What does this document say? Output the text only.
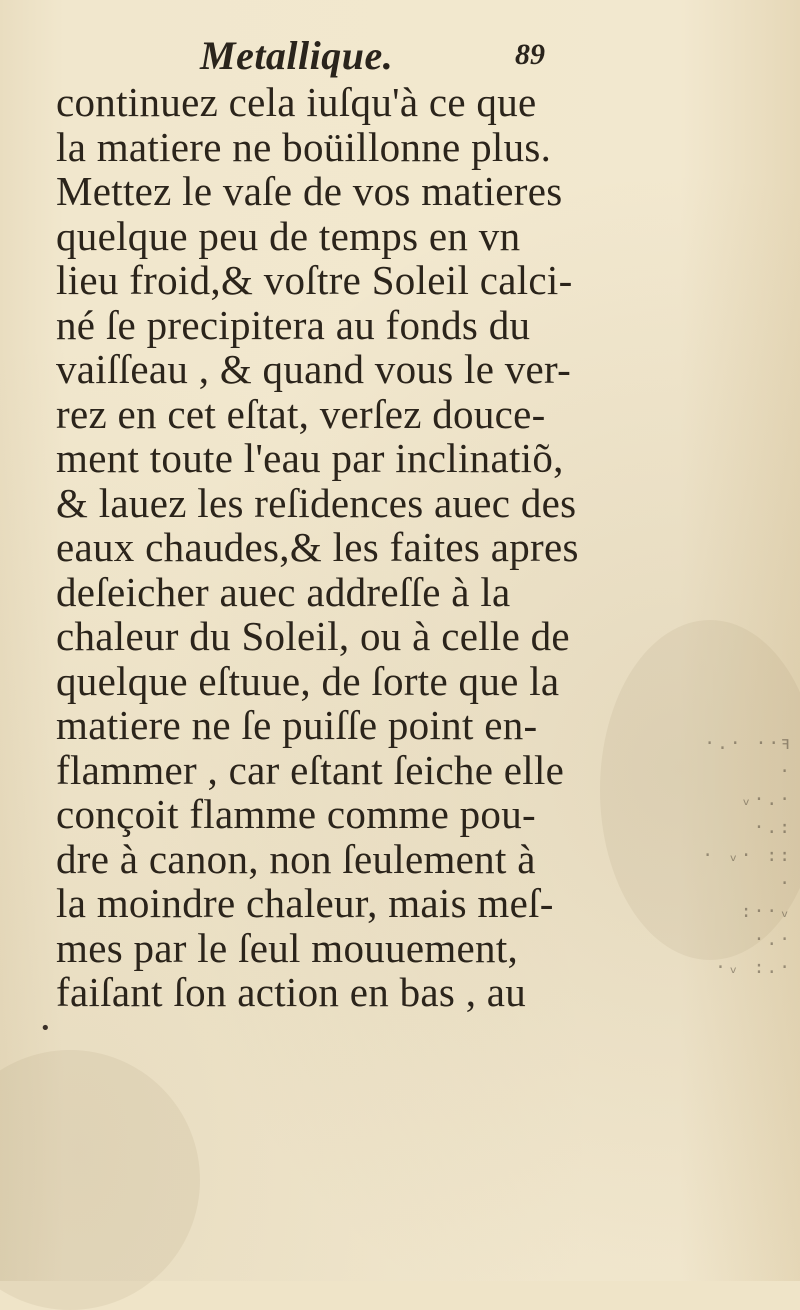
Metallique.	89
continuez cela iuſqu'à ce que
la matiere ne boüillonne plus.
Mettez le vaſe de vos matieres
quelque peu de temps en vn
lieu froid,& voſtre Soleil calci-
né ſe precipitera au fonds du
vaiſſeau , & quand vous le ver-
rez en cet eſtat, verſez douce-
ment toute l'eau par inclinatiõ,
& lauez les reſidences auec des
eaux chaudes,& les faites apres
deſeicher auec addreſſe à la
chaleur du Soleil, ou à celle de
quelque eſtuue, de ſorte que la
matiere ne ſe puiſſe point en-
flammer , car eſtant ſeiche elle
conçoit flamme comme pou-
dre à canon, non ſeulement à
la moindre chaleur, mais meſ-
mes par le ſeul mouuement,
faiſant ſon action en bas , au
ꜰ·· ·.· ·
·.·ᵥ :.·
:: ·ᵥ · ·
ᵥ··: ·.·
·.: ᵥ·
•
